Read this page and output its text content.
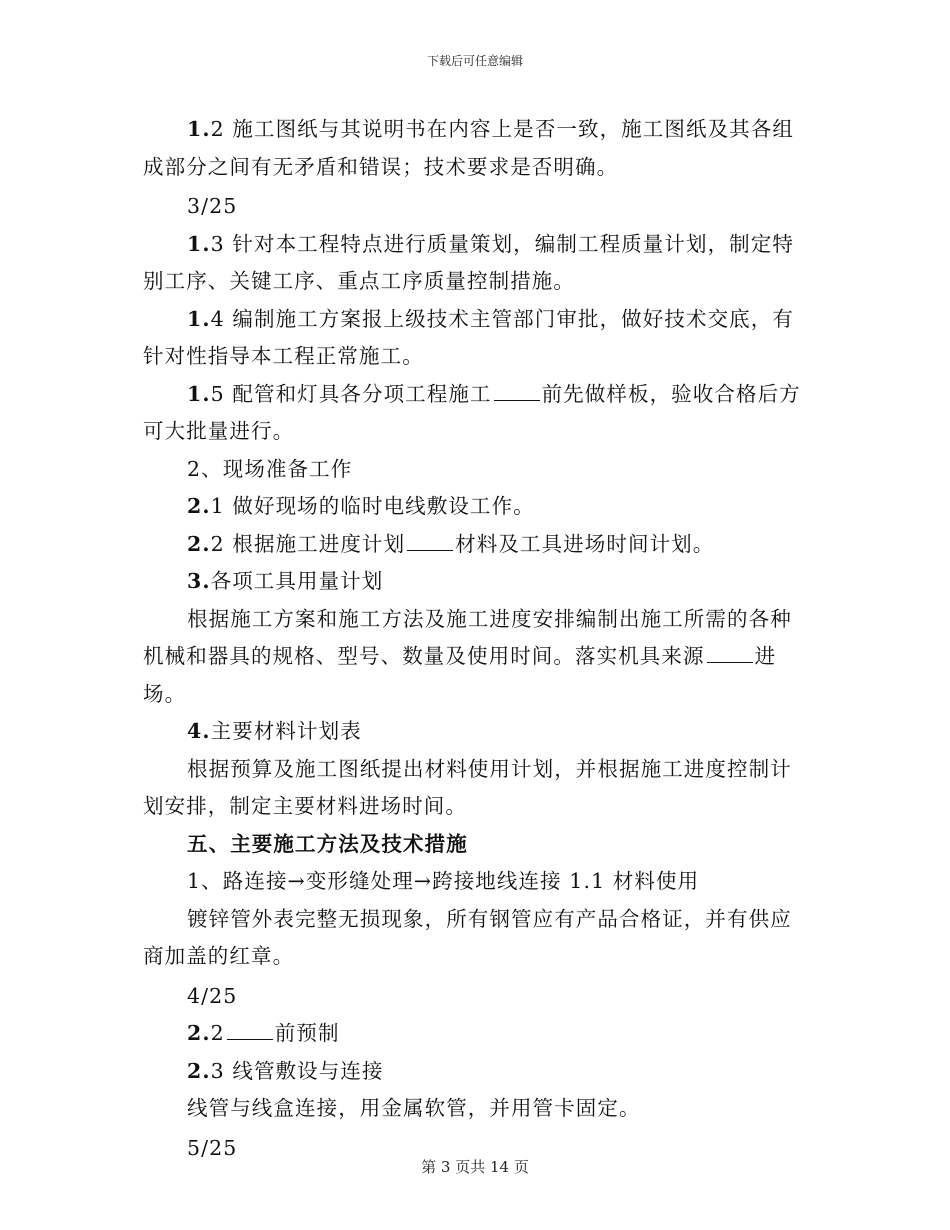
下载后可任意编辑

1.2 施工图纸与其说明书在内容上是否一致，施工图纸及其各组成部分之间有无矛盾和错误；技术要求是否明确。

3/25

1.3 针对本工程特点进行质量策划，编制工程质量计划，制定特别工序、关键工序、重点工序质量控制措施。

1.4 编制施工方案报上级技术主管部门审批，做好技术交底，有针对性指导本工程正常施工。

1.5 配管和灯具各分项工程施工 前先做样板，验收合格后方可大批量进行。

2、现场准备工作

2.1 做好现场的临时电线敷设工作。

2.2 根据施工进度计划 材料及工具进场时间计划。

3.各项工具用量计划

根据施工方案和施工方法及施工进度安排编制出施工所需的各种机械和器具的规格、型号、数量及使用时间。落实机具来源 进场。

4.主要材料计划表

根据预算及施工图纸提出材料使用计划，并根据施工进度控制计划安排，制定主要材料进场时间。

五、主要施工方法及技术措施

1、路连接→变形缝处理→跨接地线连接 1.1 材料使用

镀锌管外表完整无损现象，所有钢管应有产品合格证，并有供应商加盖的红章。

4/25

2.2 前预制

2.3 线管敷设与连接

线管与线盒连接，用金属软管，并用管卡固定。

5/25

第 3 页共 14 页
